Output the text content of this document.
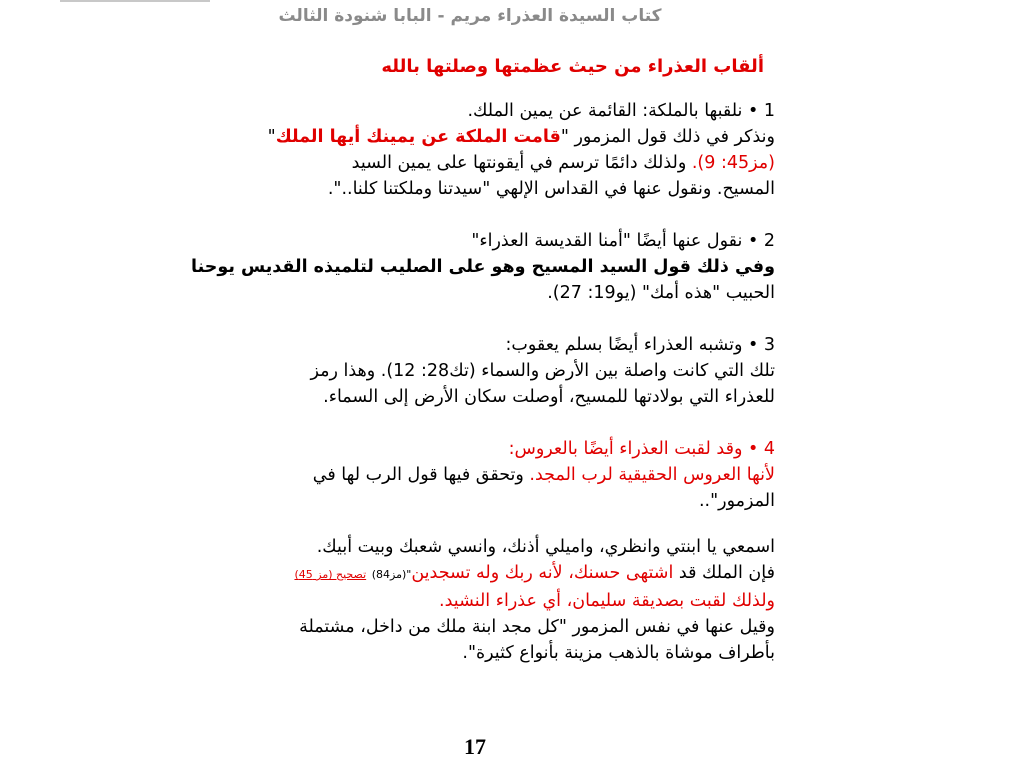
كتاب السيدة العذراء مريم - البابا شنودة الثالث
ألقاب العذراء من حيث عظمتها وصلتها بالله
1 • نلقبها بالملكة: القائمة عن يمين الملك.
ونذكر في ذلك قول المزمور "قامت الملكة عن يمينك أيها الملك"
(مز45: 9). ولذلك دائمًا ترسم في أيقونتها على يمين السيد
المسيح. ونقول عنها في القداس الإلهي "سيدتنا وملكتنا كلنا..".
2 • نقول عنها أيضًا "أمنا القديسة العذراء"
وفي ذلك قول السيد المسيح وهو على الصليب لتلميذه القديس يوحنا
الحبيب "هذه أمك" (يو19: 27).
3 • وتشبه العذراء أيضًا بسلم يعقوب:
تلك التي كانت واصلة بين الأرض والسماء (تك28: 12). وهذا رمز
للعذراء التي بولادتها للمسيح، أوصلت سكان الأرض إلى السماء.
4 • وقد لقبت العذراء أيضًا بالعروس:
لأنها العروس الحقيقية لرب المجد. وتحقق فيها قول الرب لها في
المزمور"..
اسمعي يا ابنتي وانظري، واميلي أذنك، وانسي شعبك وبيت أبيك.
فإن الملك قد اشتهى حسنك، لأنه ربك وله تسجدين"(مز84) تصحيح (مز 45)
ولذلك لقبت بصديقة سليمان، أي عذراء النشيد.
وقيل عنها في نفس المزمور "كل مجد ابنة ملك من داخل، مشتملة
بأطراف موشاة بالذهب مزينة بأنواع كثيرة".
17
